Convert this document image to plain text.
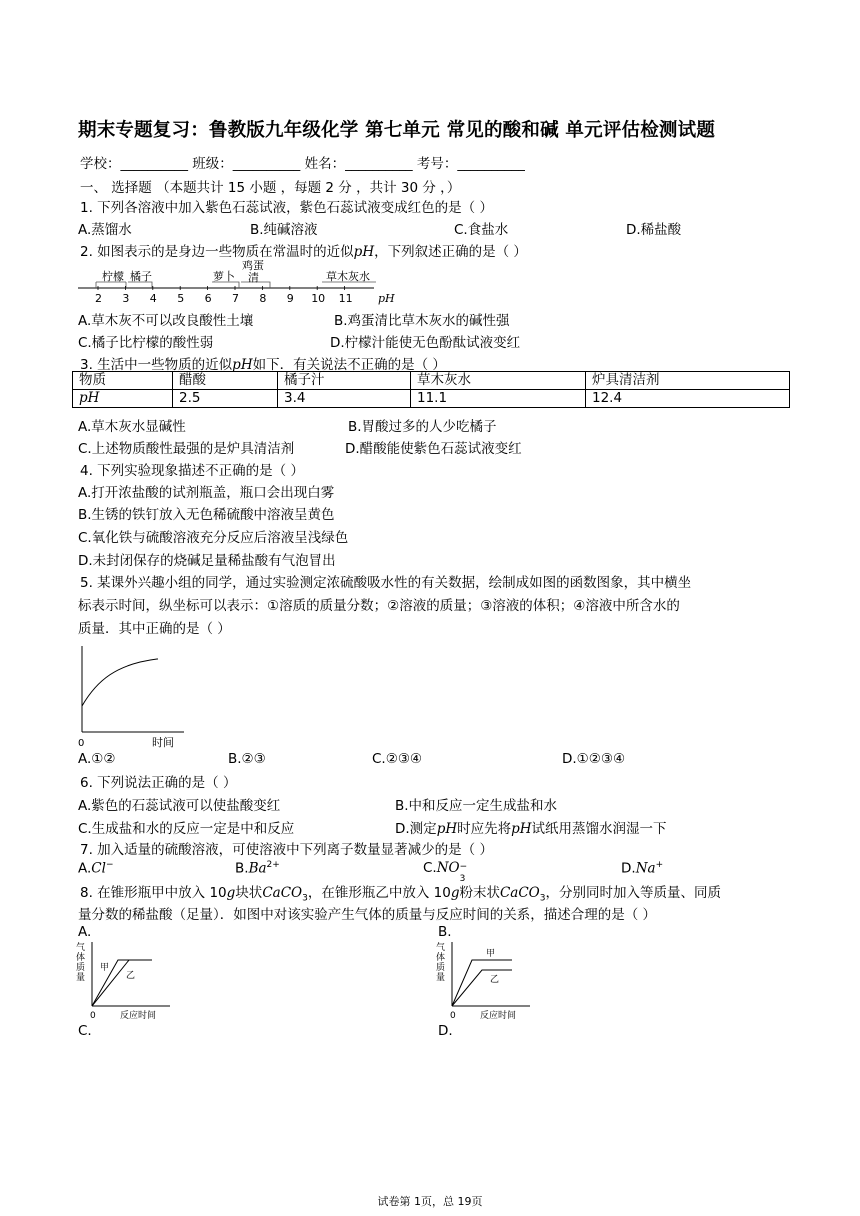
期末专题复习：鲁教版九年级化学 第七单元 常见的酸和碱 单元评估检测试题
学校：__________ 班级：__________ 姓名：__________ 考号：__________
一、 选择题 （本题共计 15 小题 ，每题 2 分 ，共计 30 分 ，）
1. 下列各溶液中加入紫色石蕊试液，紫色石蕊试液变成红色的是（ ）
A.蒸馏水	B.纯碱溶液	C.食盐水	D.稀盐酸
2. 如图表示的是身边一些物质在常温时的近似pH，下列叙述正确的是（ ）
柠檬 橘子	萝卜
鸡蛋
清	草木灰水
2 3 4 5 6 7 8 9 10 11 pH
A.草木灰不可以改良酸性土壤	B.鸡蛋清比草木灰水的碱性强
C.橘子比柠檬的酸性弱	D.柠檬汁能使无色酚酞试液变红
3. 生活中一些物质的近似pH如下．有关说法不正确的是（ ）
物质	醋酸	橘子汁	草木灰水	炉具清洁剂
pH	2.5	3.4	11.1	12.4
A.草木灰水显碱性	B.胃酸过多的人少吃橘子
C.上述物质酸性最强的是炉具清洁剂	D.醋酸能使紫色石蕊试液变红
4. 下列实验现象描述不正确的是（ ）
A.打开浓盐酸的试剂瓶盖，瓶口会出现白雾
B.生锈的铁钉放入无色稀硫酸中溶液呈黄色
C.氧化铁与硫酸溶液充分反应后溶液呈浅绿色
D.未封闭保存的烧碱足量稀盐酸有气泡冒出
5. 某课外兴趣小组的同学，通过实验测定浓硫酸吸水性的有关数据，绘制成如图的函数图象，其中横坐
标表示时间，纵坐标可以表示：①溶质的质量分数；②溶液的质量；③溶液的体积；④溶液中所含水的
质量．其中正确的是（ ）
0	时间
A.①②	B.②③	C.②③④	D.①②③④
6. 下列说法正确的是（ ）
A.紫色的石蕊试液可以使盐酸变红	B.中和反应一定生成盐和水
C.生成盐和水的反应一定是中和反应	D.测定pH时应先将pH试纸用蒸馏水润湿一下
7. 加入适量的硫酸溶液，可使溶液中下列离子数量显著减少的是（ ）
A.Cl−	$B.Ba^{2+}$	C.NO −
3
D.Na+
8. 在锥形瓶甲中放入 10g块状CaCO$_3$，在锥形瓶乙中放入 10g粉末状CaCO$_3$，分别同时加入等质量、同质
量分数的稀盐酸（足量）．如图中对该实验产生气体的质量与反应时间的关系，描述合理的是（ ）
A.	B.
气
体
质
量
甲
乙
0	反应时间
气
体
质
量
甲
乙
0	反应时间
C.	D.
试卷第 1页，总 19页
